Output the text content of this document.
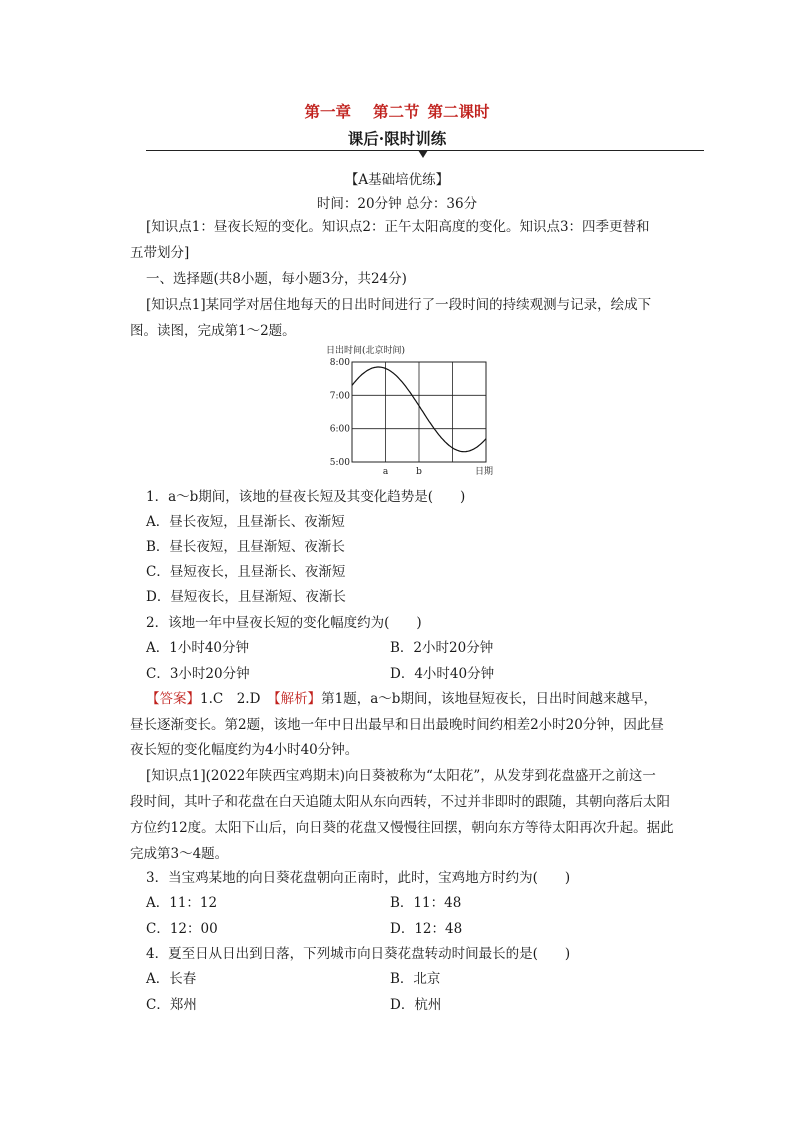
第一章 第二节 第二课时
课后·限时训练
【A基础培优练】
时间：20分钟 总分：36分
[知识点1：昼夜长短的变化。知识点2：正午太阳高度的变化。知识点3：四季更替和
五带划分]
一、选择题(共8小题，每小题3分，共24分)
[知识点1]某同学对居住地每天的日出时间进行了一段时间的持续观测与记录，绘成下
图。读图，完成第1～2题。
日出时间(北京时间)
8:00
7:00
6:00
5:00
a	b	日期
1．a～b期间，该地的昼夜长短及其变化趋势是(　　)
A．昼长夜短，且昼渐长、夜渐短
B．昼长夜短，且昼渐短、夜渐长
C．昼短夜长，且昼渐长、夜渐短
D．昼短夜长，且昼渐短、夜渐长
2．该地一年中昼夜长短的变化幅度约为(　　)
A．1小时40分钟	B．2小时20分钟
C．3小时20分钟	D．4小时40分钟
【答案】1.C　2.D　【解析】第1题，a～b期间，该地昼短夜长，日出时间越来越早，
昼长逐渐变长。第2题，该地一年中日出最早和日出最晚时间约相差2小时20分钟，因此昼
夜长短的变化幅度约为4小时40分钟。
[知识点1](2022年陕西宝鸡期末)向日葵被称为“太阳花”，从发芽到花盘盛开之前这一
段时间，其叶子和花盘在白天追随太阳从东向西转，不过并非即时的跟随，其朝向落后太阳
方位约12度。太阳下山后，向日葵的花盘又慢慢往回摆，朝向东方等待太阳再次升起。据此
完成第3～4题。
3．当宝鸡某地的向日葵花盘朝向正南时，此时，宝鸡地方时约为(　　)
A．11：12	B．11：48
C．12：00	D．12：48
4．夏至日从日出到日落，下列城市向日葵花盘转动时间最长的是(　　)
A．长春	B．北京
C．郑州	D．杭州
